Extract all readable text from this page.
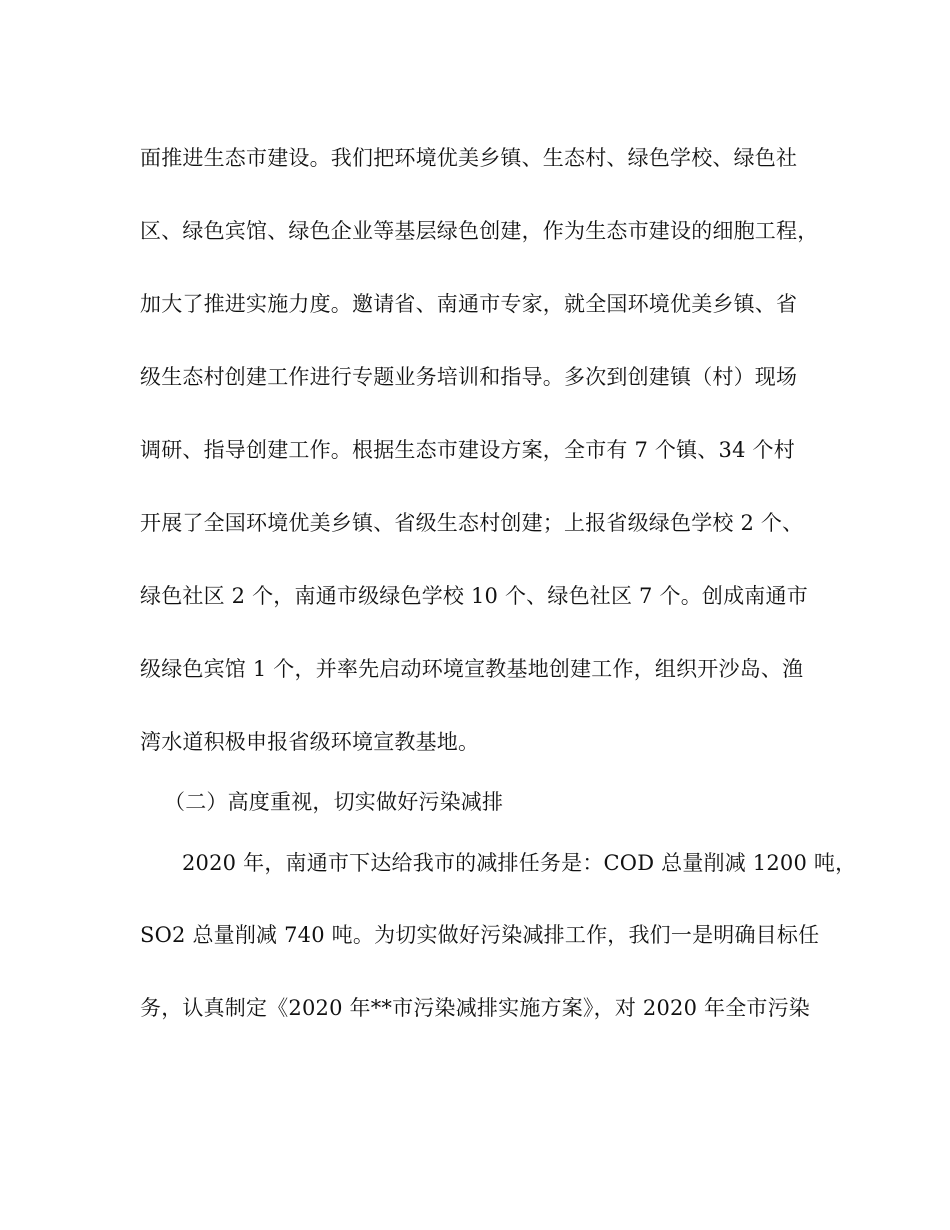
面推进生态市建设。我们把环境优美乡镇、生态村、绿色学校、绿色社
区、绿色宾馆、绿色企业等基层绿色创建，作为生态市建设的细胞工程，
加大了推进实施力度。邀请省、南通市专家，就全国环境优美乡镇、省
级生态村创建工作进行专题业务培训和指导。多次到创建镇（村）现场
调研、指导创建工作。根据生态市建设方案，全市有 7 个镇、34 个村
开展了全国环境优美乡镇、省级生态村创建；上报省级绿色学校 2 个、
绿色社区 2 个，南通市级绿色学校 10 个、绿色社区 7 个。创成南通市
级绿色宾馆 1 个，并率先启动环境宣教基地创建工作，组织开沙岛、渔
湾水道积极申报省级环境宣教基地。
（二）高度重视，切实做好污染减排
2020 年，南通市下达给我市的减排任务是：COD 总量削减 1200 吨，
SO2 总量削减 740 吨。为切实做好污染减排工作，我们一是明确目标任
务，认真制定《2020 年**市污染减排实施方案》，对 2020 年全市污染
